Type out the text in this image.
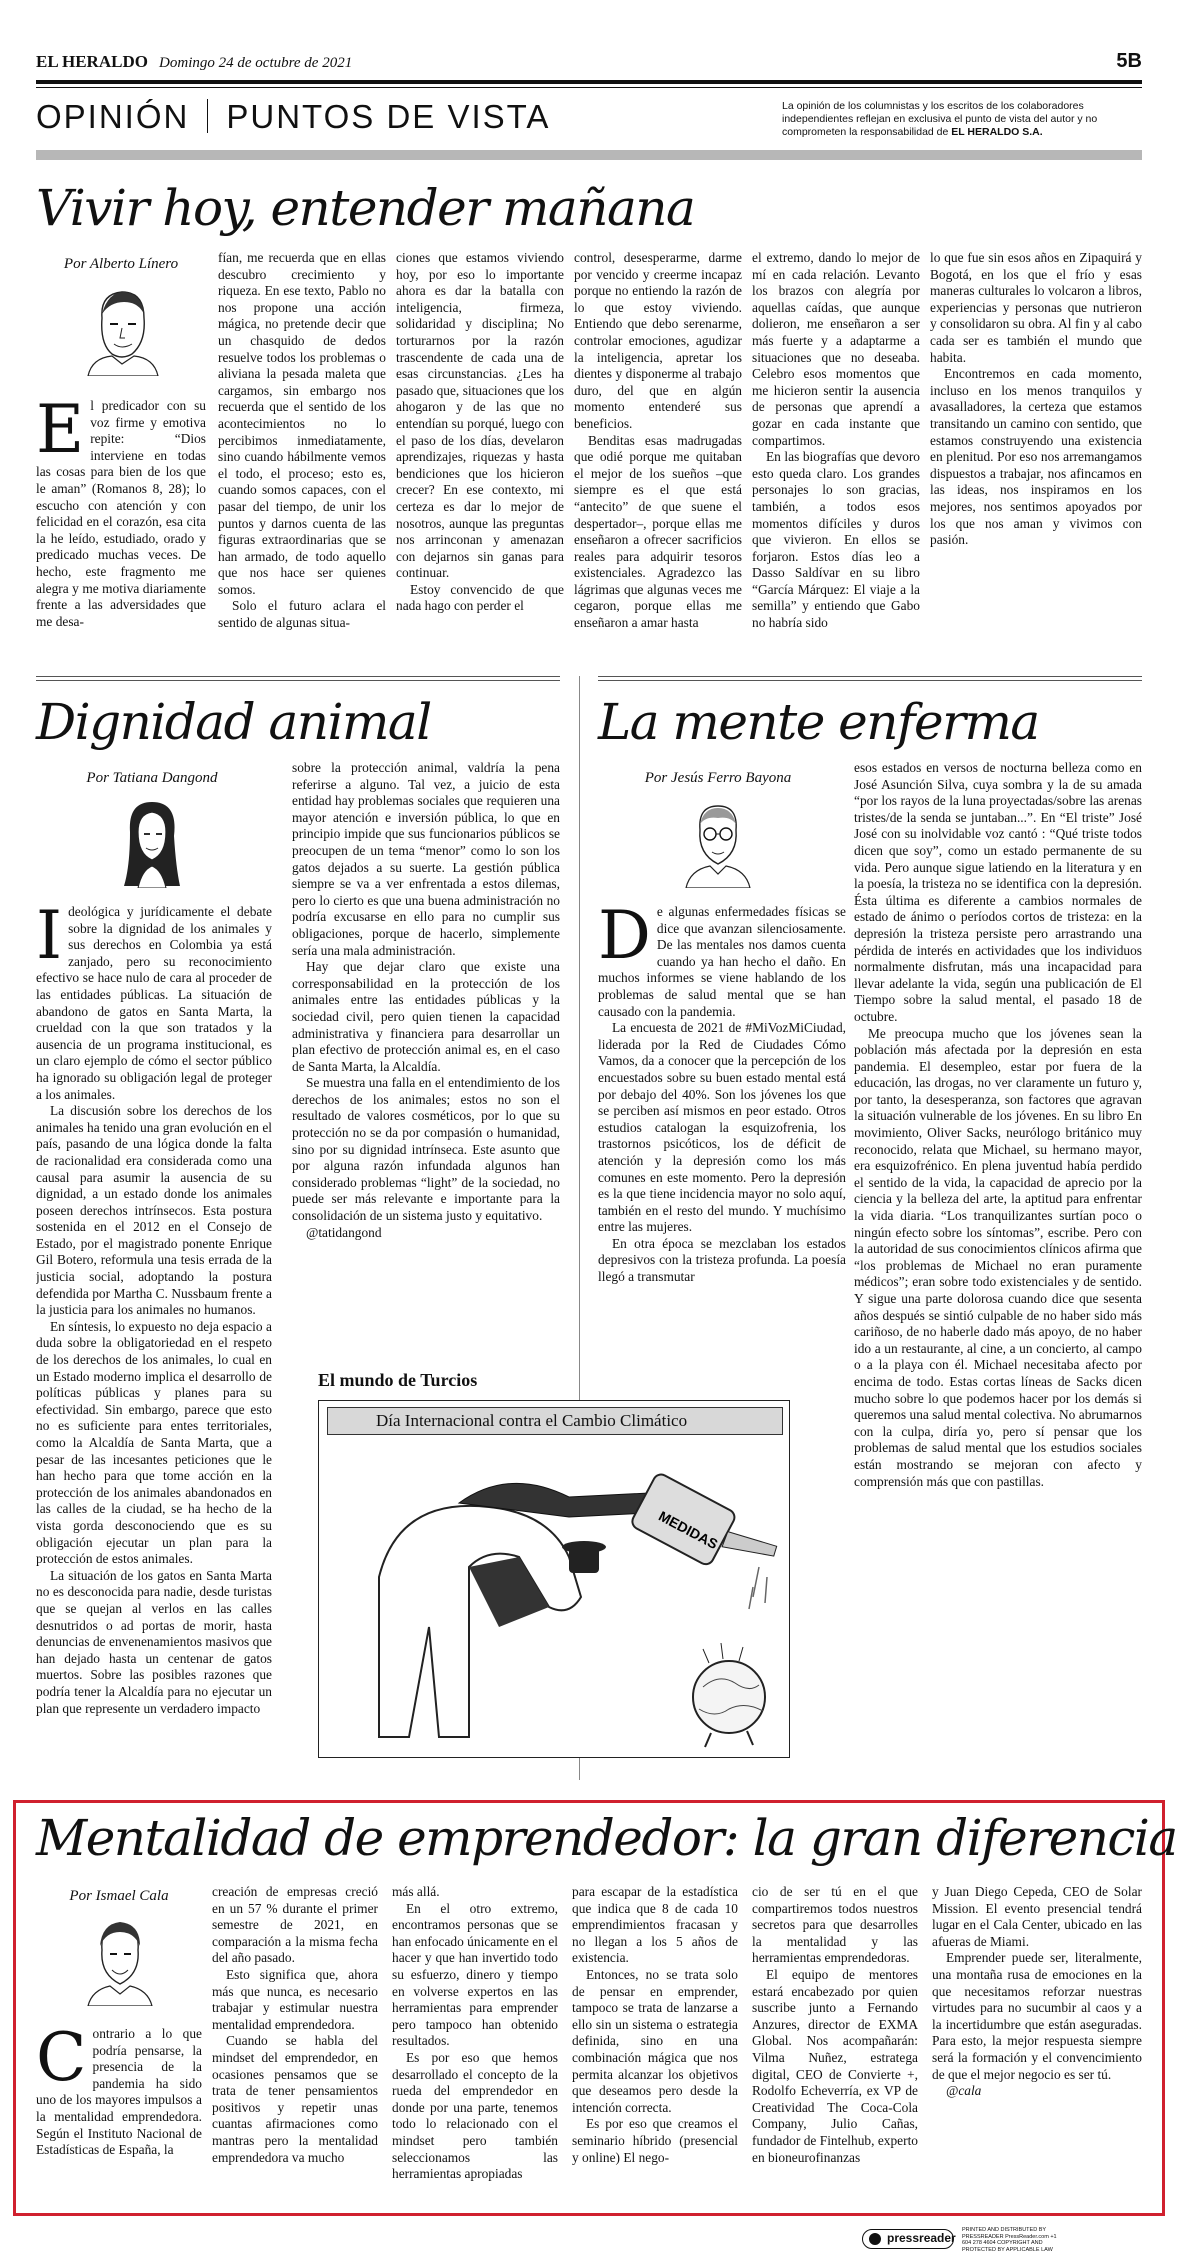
EL HERALDO Domingo 24 de octubre de 2021	5B
OPINIÓN PUNTOS DE VISTA	La opinión de los columnistas y los escritos de los colaboradores independientes reflejan en exclusiva el punto de vista del autor y no comprometen la responsabilidad de EL HERALDO S.A.
Vivir hoy, entender mañana
Por Alberto Línero

El predicador con su voz firme y emotiva repite: “Dios interviene en todas las cosas para bien de los que le aman” (Romanos 8, 28); lo escucho con atención y con felicidad en el corazón, esa cita la he leído, estudiado, orado y predicado muchas veces. De hecho, este fragmento me alegra y me motiva diariamente frente a las adversidades que me desa-

fían, me recuerda que en ellas descubro crecimiento y riqueza. En ese texto, Pablo no nos propone una acción mágica, no pretende decir que un chasquido de dedos resuelve todos los problemas o aliviana la pesada maleta que cargamos, sin embargo nos recuerda que el sentido de los acontecimientos no lo percibimos inmediatamente, sino cuando hábilmente vemos el todo, el proceso; esto es, cuando somos capaces, con el pasar del tiempo, de unir los puntos y darnos cuenta de las figuras extraordinarias que se han armado, de todo aquello que nos hace ser quienes somos.

Solo el futuro aclara el sentido de algunas situa-

ciones que estamos viviendo hoy, por eso lo importante ahora es dar la batalla con inteligencia, firmeza, solidaridad y disciplina; No torturarnos por la razón trascendente de cada una de esas circunstancias. ¿Les ha pasado que, situaciones que los ahogaron y de las que no entendían su porqué, luego con el paso de los días, develaron aprendizajes, riquezas y hasta bendiciones que los hicieron crecer? En ese contexto, mi certeza es dar lo mejor de nosotros, aunque las preguntas nos arrinconan y amenazan con dejarnos sin ganas para continuar.

Estoy convencido de que nada hago con perder el

control, desesperarme, darme por vencido y creerme incapaz porque no entiendo la razón de lo que estoy viviendo. Entiendo que debo serenarme, controlar emociones, agudizar la inteligencia, apretar los dientes y disponerme al trabajo duro, del que en algún momento entenderé sus beneficios.

Benditas esas madrugadas que odié porque me quitaban el mejor de los sueños –que siempre es el que está “antecito” de que suene el despertador–, porque ellas me enseñaron a ofrecer sacrificios reales para adquirir tesoros existenciales. Agradezco las lágrimas que algunas veces me cegaron, porque ellas me enseñaron a amar hasta

el extremo, dando lo mejor de mí en cada relación. Levanto los brazos con alegría por aquellas caídas, que aunque dolieron, me enseñaron a ser más fuerte y a adaptarme a situaciones que no deseaba. Celebro esos momentos que me hicieron sentir la ausencia de personas que aprendí a gozar en cada instante que compartimos.

En las biografías que devoro esto queda claro. Los grandes personajes lo son gracias, también, a todos esos momentos difíciles y duros que vivieron. En ellos se forjaron. Estos días leo a Dasso Saldívar en su libro “García Márquez: El viaje a la semilla” y entiendo que Gabo no habría sido

lo que fue sin esos años en Zipaquirá y Bogotá, en los que el frío y esas maneras culturales lo volcaron a libros, experiencias y personas que nutrieron y consolidaron su obra. Al fin y al cabo cada ser es también el mundo que habita.

Encontremos en cada momento, incluso en los menos tranquilos y avasalladores, la certeza que estamos transitando un camino con sentido, que estamos construyendo una existencia en plenitud. Por eso nos arremangamos dispuestos a trabajar, nos afincamos en las ideas, nos inspiramos en los mejores, nos sentimos apoyados por los que nos aman y vivimos con pasión.

Dignidad animal
Por Tatiana Dangond

Ideológica y jurídicamente el debate sobre la dignidad de los animales y sus derechos en Colombia ya está zanjado, pero su reconocimiento efectivo se hace nulo de cara al proceder de las entidades públicas. La situación de abandono de gatos en Santa Marta, la crueldad con la que son tratados y la ausencia de un programa institucional, es un claro ejemplo de cómo el sector público ha ignorado su obligación legal de proteger a los animales.

La discusión sobre los derechos de los animales ha tenido una gran evolución en el país, pasando de una lógica donde la falta de racionalidad era considerada como una causal para asumir la ausencia de su dignidad, a un estado donde los animales poseen derechos intrínsecos. Esta postura sostenida en el 2012 en el Consejo de Estado, por el magistrado ponente Enrique Gil Botero, reformula una tesis errada de la justicia social, adoptando la postura defendida por Martha C. Nussbaum frente a la justicia para los animales no humanos.

En síntesis, lo expuesto no deja espacio a duda sobre la obligatoriedad en el respeto de los derechos de los animales, lo cual en un Estado moderno implica el desarrollo de políticas públicas y planes para su efectividad. Sin embargo, parece que esto no es suficiente para entes territoriales, como la Alcaldía de Santa Marta, que a pesar de las incesantes peticiones que le han hecho para que tome acción en la protección de los animales abandonados en las calles de la ciudad, se ha hecho de la vista gorda desconociendo que es su obligación ejecutar un plan para la protección de estos animales.

La situación de los gatos en Santa Marta no es desconocida para nadie, desde turistas que se quejan al verlos en las calles desnutridos o ad portas de morir, hasta denuncias de envenenamientos masivos que han dejado hasta un centenar de gatos muertos. Sobre las posibles razones que podría tener la Alcaldía para no ejecutar un plan que represente un verdadero impacto

sobre la protección animal, valdría la pena referirse a alguno. Tal vez, a juicio de esta entidad hay problemas sociales que requieren una mayor atención e inversión pública, lo que en principio impide que sus funcionarios públicos se preocupen de un tema “menor” como lo son los gatos dejados a su suerte. La gestión pública siempre se va a ver enfrentada a estos dilemas, pero lo cierto es que una buena administración no podría excusarse en ello para no cumplir sus obligaciones, porque de hacerlo, simplemente sería una mala administración.

Hay que dejar claro que existe una corresponsabilidad en la protección de los animales entre las entidades públicas y la sociedad civil, pero quien tienen la capacidad administrativa y financiera para desarrollar un plan efectivo de protección animal es, en el caso de Santa Marta, la Alcaldía.

Se muestra una falla en el entendimiento de los derechos de los animales; estos no son el resultado de valores cosméticos, por lo que su protección no se da por compasión o humanidad, sino por su dignidad intrínseca. Este asunto que por alguna razón infundada algunos han considerado problemas “light” de la sociedad, no puede ser más relevante e importante para la consolidación de un sistema justo y equitativo.

@tatidangond

El mundo de Turcios
Día Internacional contra el Cambio Climático
MEDIDAS
La mente enferma
Por Jesús Ferro Bayona

De algunas enfermedades físicas se dice que avanzan silenciosamente. De las mentales nos damos cuenta cuando ya han hecho el daño. En muchos informes se viene hablando de los problemas de salud mental que se han causado con la pandemia.

La encuesta de 2021 de #MiVozMiCiudad, liderada por la Red de Ciudades Cómo Vamos, da a conocer que la percepción de los encuestados sobre su buen estado mental está por debajo del 40%. Son los jóvenes los que se perciben así mismos en peor estado. Otros estudios catalogan la esquizofrenia, los trastornos psicóticos, los de déficit de atención y la depresión como los más comunes en este momento. Pero la depresión es la que tiene incidencia mayor no solo aquí, también en el resto del mundo. Y muchísimo entre las mujeres.

En otra época se mezclaban los estados depresivos con la tristeza profunda. La poesía llegó a transmutar

esos estados en versos de nocturna belleza como en José Asunción Silva, cuya sombra y la de su amada “por los rayos de la luna proyectadas/sobre las arenas tristes/de la senda se juntaban...”. En “El triste” José José con su inolvidable voz cantó : “Qué triste todos dicen que soy”, como un estado permanente de su vida. Pero aunque sigue latiendo en la literatura y en la poesía, la tristeza no se identifica con la depresión. Ésta última es diferente a cambios normales de estado de ánimo o períodos cortos de tristeza: en la depresión la tristeza persiste pero arrastrando una pérdida de interés en actividades que los individuos normalmente disfrutan, más una incapacidad para llevar adelante la vida, según una publicación de El Tiempo sobre la salud mental, el pasado 18 de octubre.

Me preocupa mucho que los jóvenes sean la población más afectada por la depresión en esta pandemia. El desempleo, estar por fuera de la educación, las drogas, no ver claramente un futuro y, por tanto, la desesperanza, son factores que agravan la situación vulnerable de los jóvenes. En su libro En movimiento, Oliver Sacks, neurólogo británico muy reconocido, relata que Michael, su hermano mayor, era esquizofrénico. En plena juventud había perdido el sentido de la vida, la capacidad de aprecio por la ciencia y la belleza del arte, la aptitud para enfrentar la vida diaria. “Los tranquilizantes surtían poco o ningún efecto sobre los síntomas”, escribe. Pero con la autoridad de sus conocimientos clínicos afirma que “los problemas de Michael no eran puramente médicos”; eran sobre todo existenciales y de sentido. Y sigue una parte dolorosa cuando dice que sesenta años después se sintió culpable de no haber sido más cariñoso, de no haberle dado más apoyo, de no haber ido a un restaurante, al cine, a un concierto, al campo o a la playa con él. Michael necesitaba afecto por encima de todo. Estas cortas líneas de Sacks dicen mucho sobre lo que podemos hacer por los demás si queremos una salud mental colectiva. No abrumarnos con la culpa, diría yo, pero sí pensar que los problemas de salud mental que los estudios sociales están mostrando se mejoran con afecto y comprensión más que con pastillas.

Mentalidad de emprendedor: la gran diferencia
Por Ismael Cala

Contrario a lo que podría pensarse, la presencia de la pandemia ha sido uno de los mayores impulsos a la mentalidad emprendedora. Según el Instituto Nacional de Estadísticas de España, la

creación de empresas creció en un 57 % durante el primer semestre de 2021, en comparación a la misma fecha del año pasado.

Esto significa que, ahora más que nunca, es necesario trabajar y estimular nuestra mentalidad emprendedora.

Cuando se habla del mindset del emprendedor, en ocasiones pensamos que se trata de tener pensamientos positivos y repetir unas cuantas afirmaciones como mantras pero la mentalidad emprendedora va mucho

más allá.

En el otro extremo, encontramos personas que se han enfocado únicamente en el hacer y que han invertido todo su esfuerzo, dinero y tiempo en volverse expertos en las herramientas para emprender pero tampoco han obtenido resultados.

Es por eso que hemos desarrollado el concepto de la rueda del emprendedor en donde por una parte, tenemos todo lo relacionado con el mindset pero también seleccionamos las herramientas apropiadas

para escapar de la estadística que indica que 8 de cada 10 emprendimientos fracasan y no llegan a los 5 años de existencia.

Entonces, no se trata solo de pensar en emprender, tampoco se trata de lanzarse a ello sin un sistema o estrategia definida, sino en una combinación mágica que nos permita alcanzar los objetivos que deseamos pero desde la intención correcta.

Es por eso que creamos el seminario híbrido (presencial y online) El nego-

cio de ser tú en el que compartiremos todos nuestros secretos para que desarrolles la mentalidad y las herramientas emprendedoras.

El equipo de mentores estará encabezado por quien suscribe junto a Fernando Anzures, director de EXMA Global. Nos acompañarán: Vilma Nuñez, estratega digital, CEO de Convierte +, Rodolfo Echeverría, ex VP de Creatividad The Coca-Cola Company, Julio Cañas, fundador de Fintelhub, experto en bioneurofinanzas

y Juan Diego Cepeda, CEO de Solar Mission. El evento presencial tendrá lugar en el Cala Center, ubicado en las afueras de Miami.

Emprender puede ser, literalmente, una montaña rusa de emociones en la que necesitamos reforzar nuestras virtudes para no sucumbir al caos y a la incertidumbre que están aseguradas. Para esto, la mejor respuesta siempre será la formación y el convencimiento de que el mejor negocio es ser tú.

@cala

pressreader
PRINTED AND DISTRIBUTED BY PRESSREADER PressReader.com +1 604 278 4604 COPYRIGHT AND PROTECTED BY APPLICABLE LAW
